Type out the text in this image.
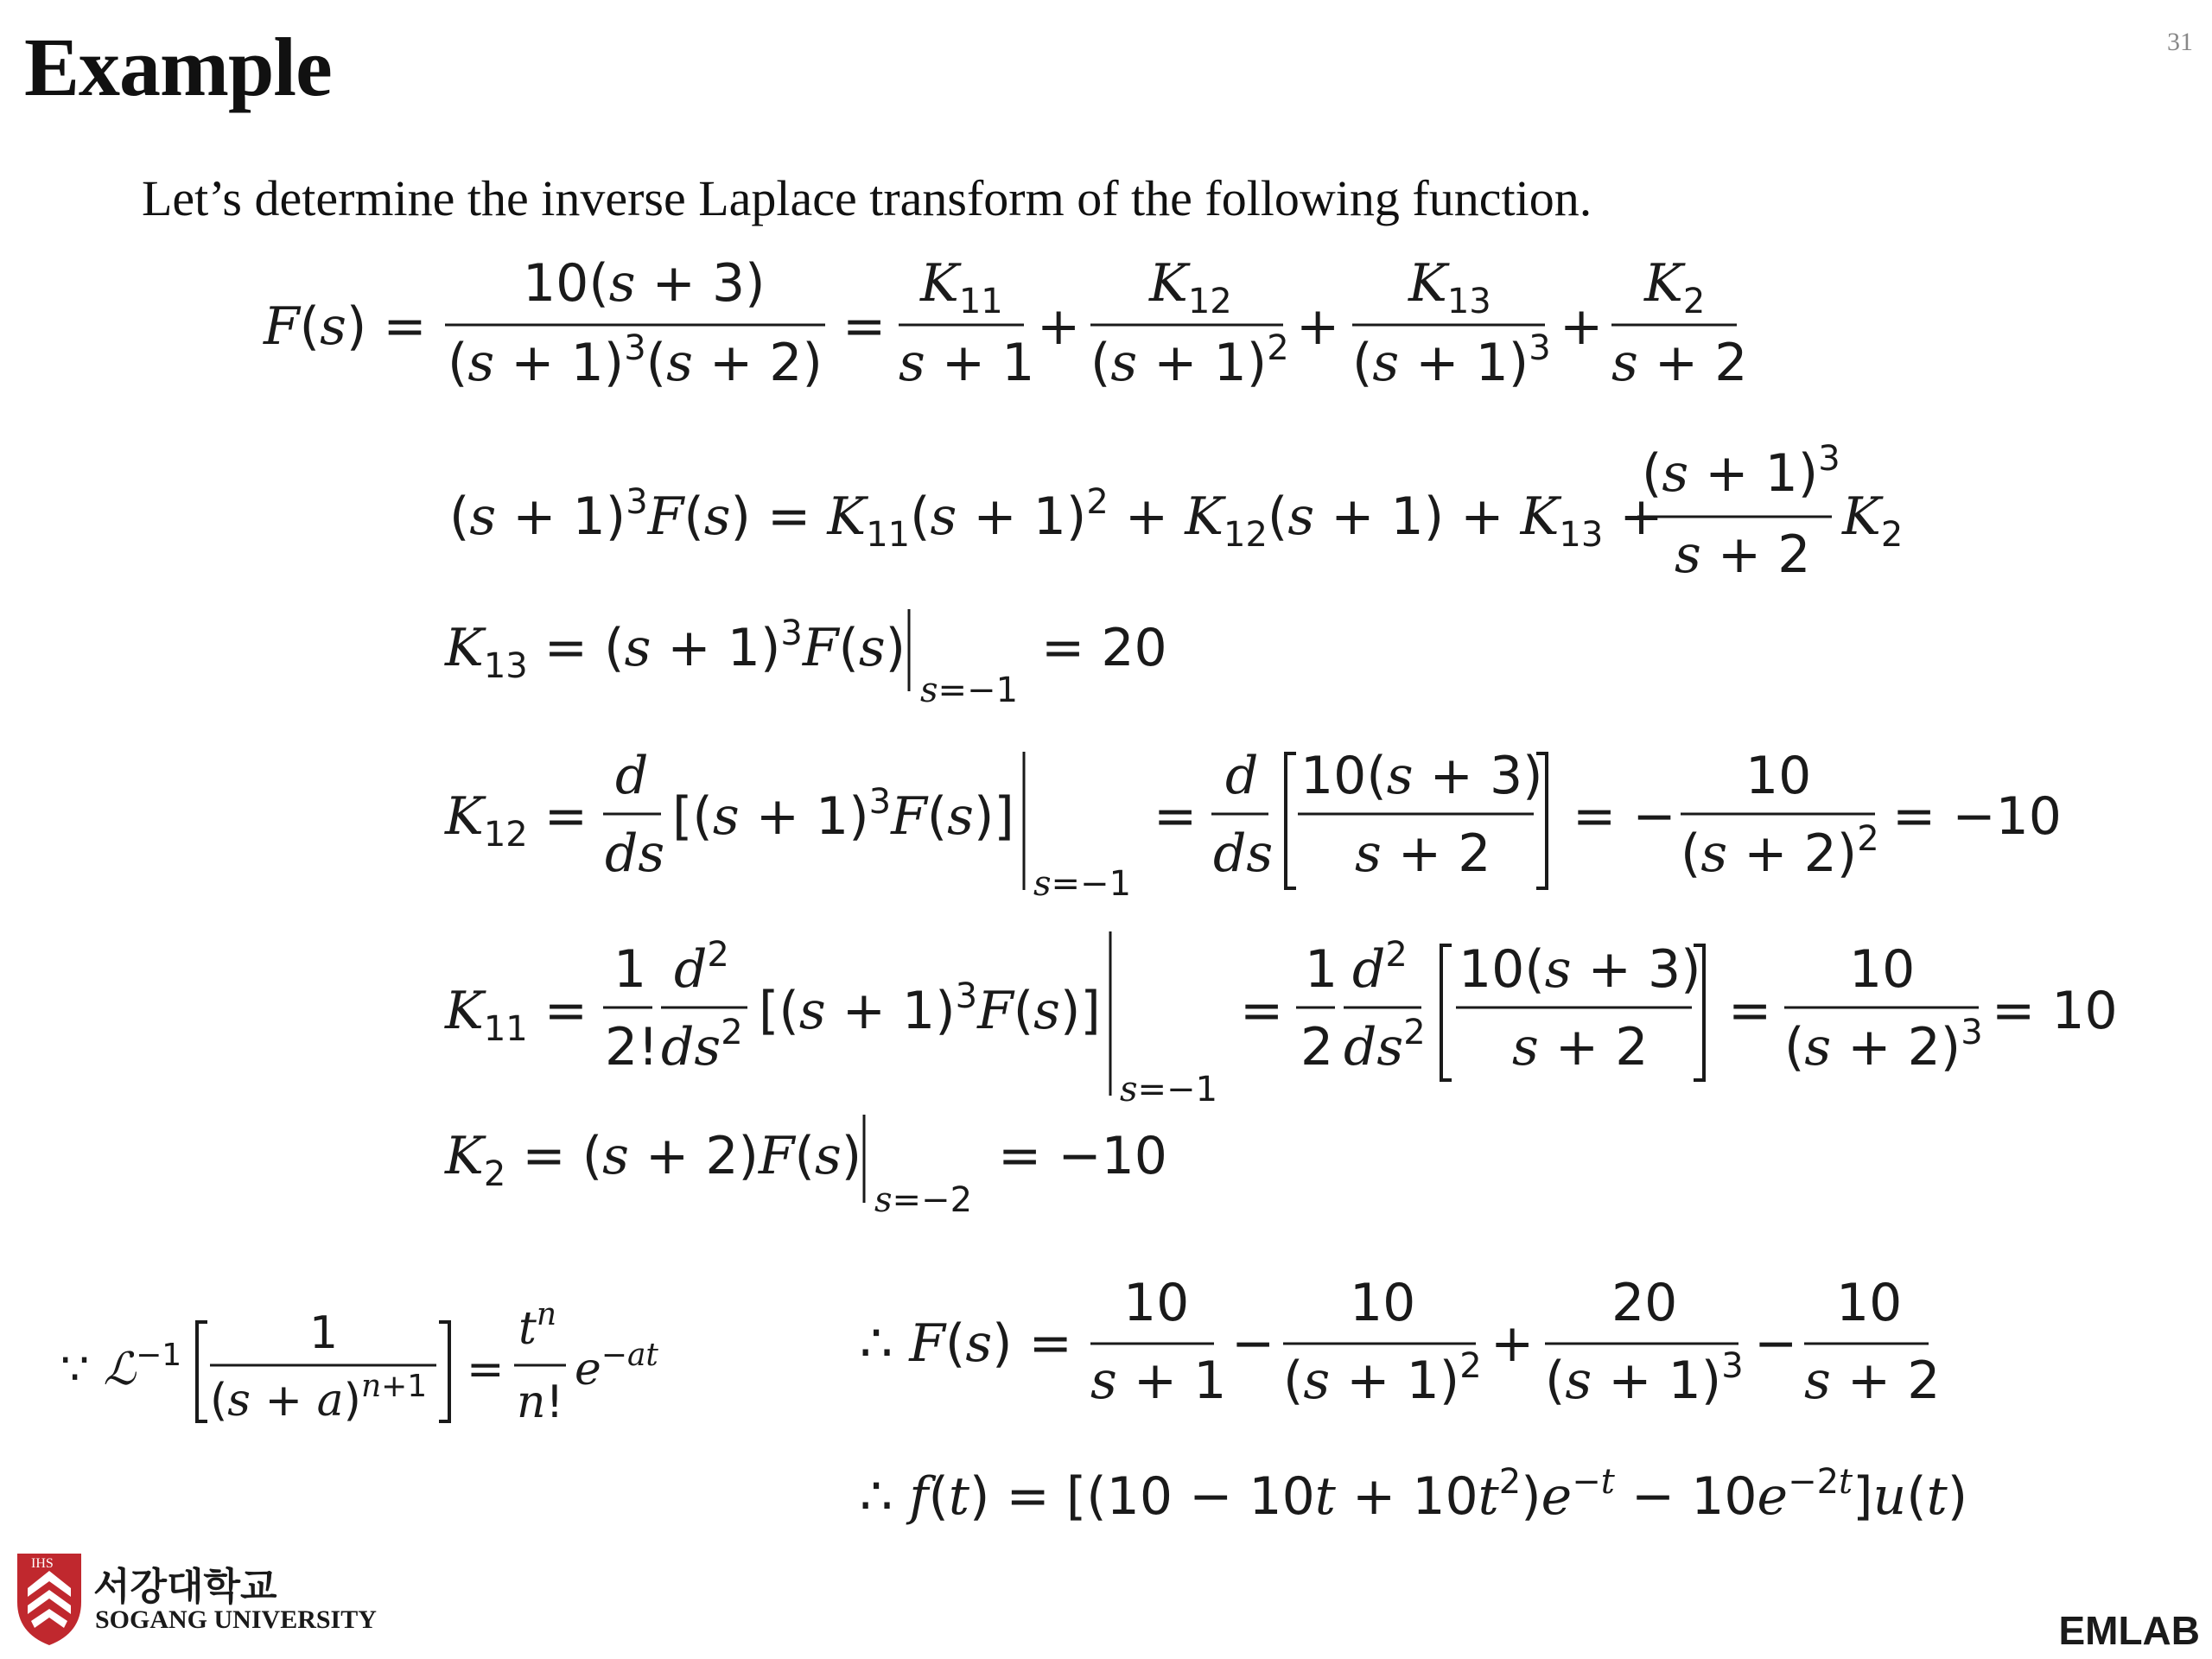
Example	31
Let’s determine the inverse Laplace transform of the following function.
F(s) =
10(s + 3)
$(s + 1)^3(s + 2)$
=
$K_{11}$
s + 1
+
$K_{12}$
$(s + 1)^2$ +
$K_{13}$
$(s + 1)^3$ +
$K_2$
s + 2
$(s + 1)^3F(s) = K_{11}(s + 1)^2 + K_{12}(s + 1) + K_{13}$ +
$(s + 1)^3$
s + 2
$K_2$
$K_{13} = (s + 1)^3F(s)$
s=−1
= 20
$K_{12}$ =
d
ds
$[(s + 1)^3F(s)]$
s=−1
=
d
ds
10(s + 3)
s + 2
= −
10
$(s + 2)^2 = -10$
$K_{11}$ =
1
2!
$d^2$
$ds^2$ $[(s + 1)^3F(s)]$
s=−1
=
1
2
$d^2$
$ds^2$
10(s + 3)
s + 2
=
10
$(s + 2)^3 = 10$
$K_2 = (s + 2)F(s)$
s=−2
= −10
∵ ℒ$^{-1}$	1
$(s + a)^n+1$ =
$t^n$
n!
e−at	∴ F(s) =
10
s + 1
−
10
$(s + 1)^2$ +
20
$(s + 1)^3$ −
10
s + 2
∴ $f(t) = [(10 - 10t + 10t^2)e^-t - 10e^{-2}t]u(t)$
IHS
서강대학교
SOGANG UNIVERSITY	EMLAB
